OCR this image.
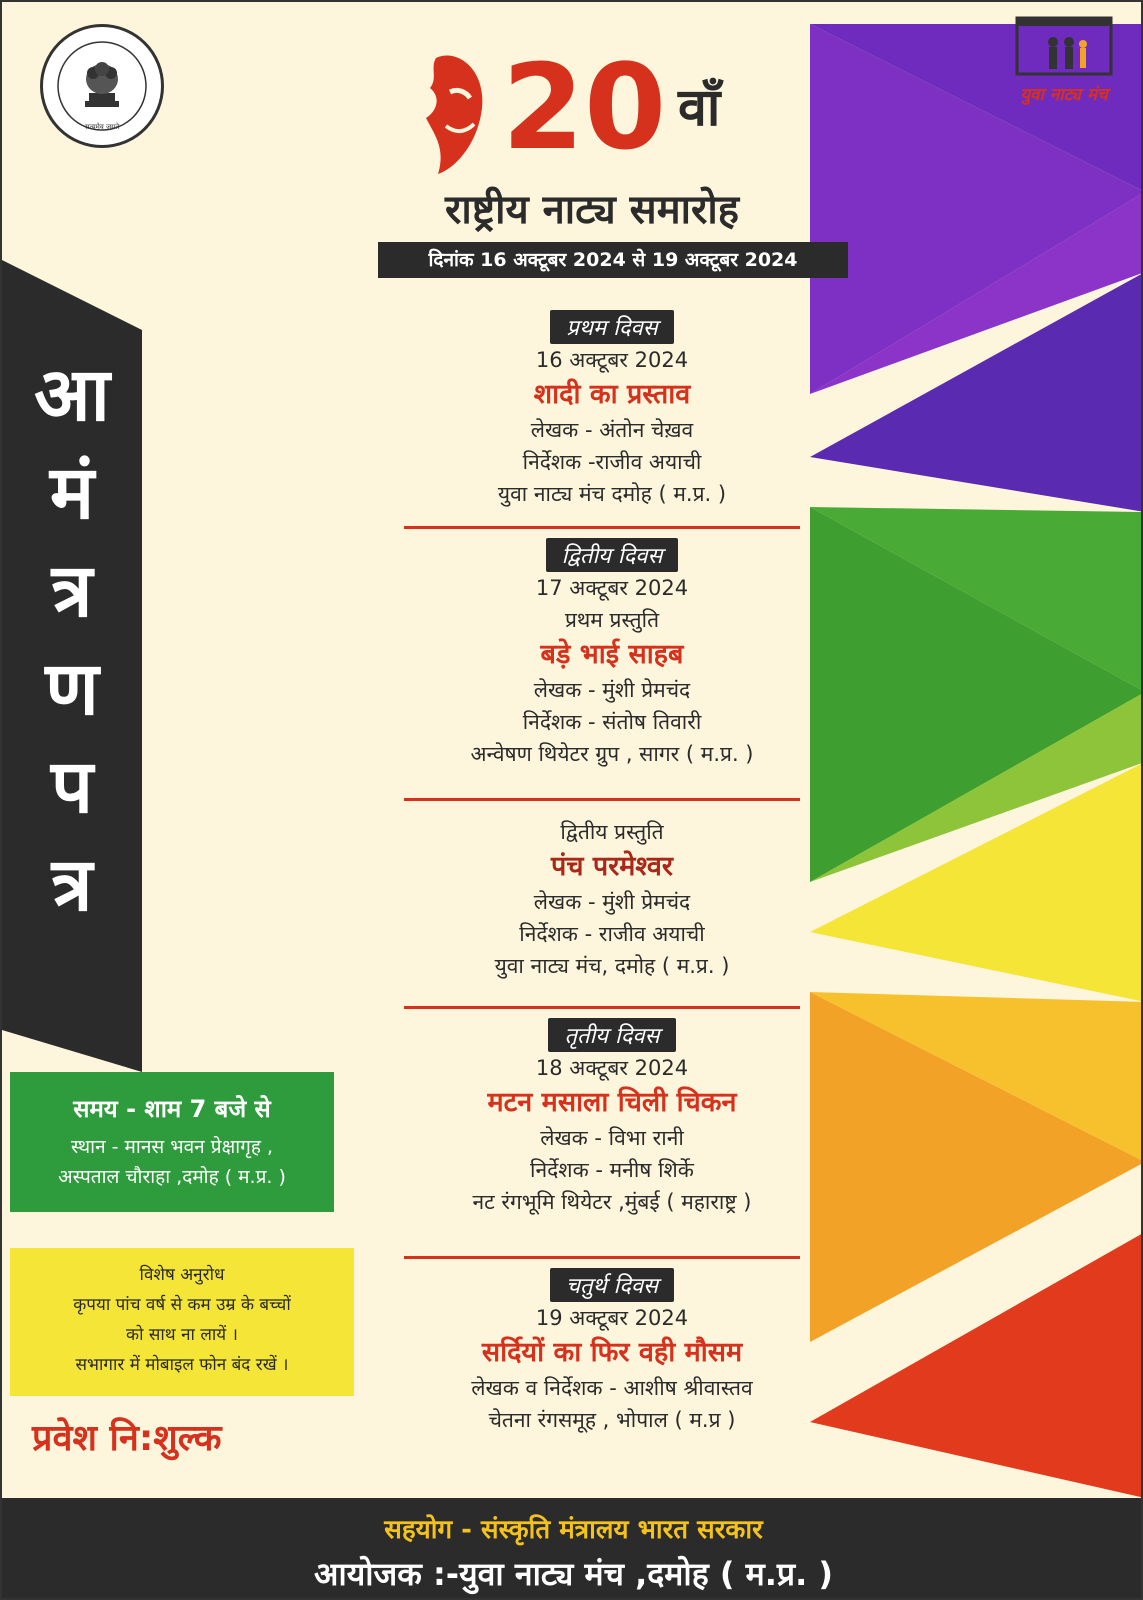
सत्यमेव जयते
युवा नाट्य मंच
20 वाँ
राष्ट्रीय नाट्य समारोह
दिनांक 16 अक्टूबर 2024 से 19 अक्टूबर 2024
प्रथम दिवस
16 अक्टूबर 2024
शादी का प्रस्ताव
लेखक - अंतोन चेख़व
निर्देशक -राजीव अयाची
युवा नाट्य मंच दमोह ( म.प्र. )
द्वितीय दिवस
17 अक्टूबर 2024
प्रथम प्रस्तुति
बड़े भाई साहब
लेखक - मुंशी प्रेमचंद
निर्देशक - संतोष तिवारी
अन्वेषण थियेटर ग्रुप , सागर ( म.प्र. )
द्वितीय प्रस्तुति
पंच परमेश्वर
लेखक - मुंशी प्रेमचंद
निर्देशक - राजीव अयाची
युवा नाट्य मंच, दमोह ( म.प्र. )
तृतीय दिवस
18 अक्टूबर 2024
मटन मसाला चिली चिकन
लेखक - विभा रानी
निर्देशक - मनीष शिर्के
नट रंगभूमि थियेटर ,मुंबई ( महाराष्ट्र )
चतुर्थ दिवस
19 अक्टूबर 2024
सर्दियों का फिर वही मौसम
लेखक व निर्देशक - आशीष श्रीवास्तव
चेतना रंगसमूह , भोपाल ( म.प्र )
आ
मं
त्र
ण
प
त्र
समय - शाम 7 बजे से
स्थान - मानस भवन प्रेक्षागृह ,
अस्पताल चौराहा ,दमोह ( म.प्र. )
विशेष अनुरोध
कृपया पांच वर्ष से कम उम्र के बच्चों
को साथ ना लायें ।
सभागार में मोबाइल फोन बंद रखें ।
प्रवेश नि:शुल्क
सहयोग - संस्कृति मंत्रालय भारत सरकार
आयोजक :-युवा नाट्य मंच ,दमोह ( म.प्र. )
